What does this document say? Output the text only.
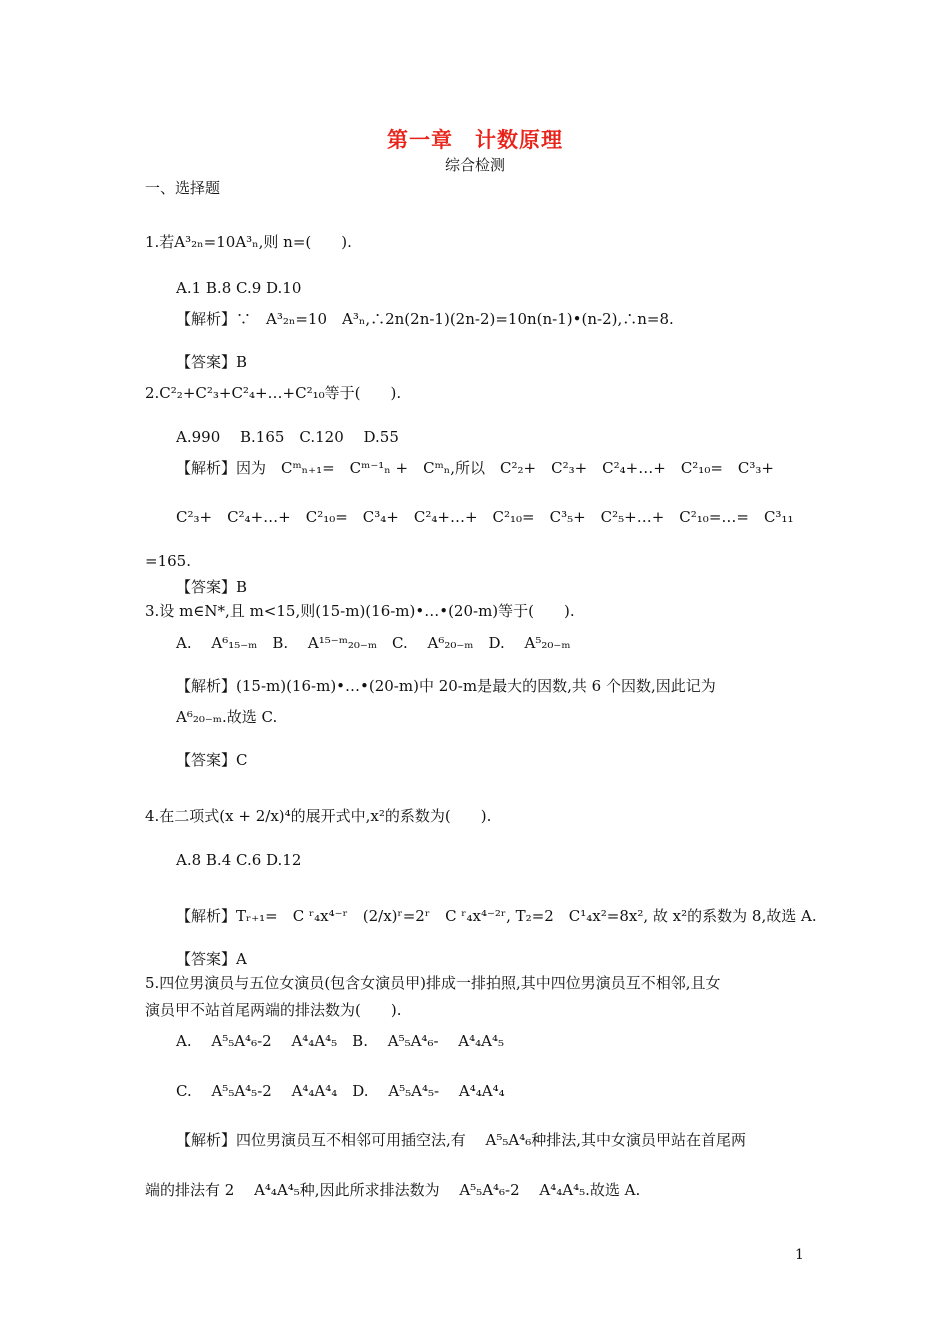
第一章　计数原理
综合检测
一、选择题
1.若A³₂ₙ=10A³ₙ,则 n=(　　).
A.1 B.8 C.9 D.10
【解析】∵　A³₂ₙ=10　A³ₙ,∴2n(2n-1)(2n-2)=10n(n-1)•(n-2),∴n=8.
【答案】B
2.C²₂+C²₃+C²₄+…+C²₁₀等于(　　).
A.990　 B.165　C.120　 D.55
【解析】因为　Cᵐₙ₊₁=　Cᵐ⁻¹ₙ +　Cᵐₙ,所以　C²₂+　C²₃+　C²₄+…+　C²₁₀=　C³₃+
C²₃+　C²₄+…+　C²₁₀=　C³₄+　C²₄+…+　C²₁₀=　C³₅+　C²₅+…+　C²₁₀=…=　C³₁₁
=165.
【答案】B
3.设 m∈N*,且 m<15,则(15-m)(16-m)•…•(20-m)等于(　　).
A.　 A⁶₁₅₋ₘ　B.　 A¹⁵⁻ᵐ₂₀₋ₘ　C.　 A⁶₂₀₋ₘ　D.　 A⁵₂₀₋ₘ
【解析】(15-m)(16-m)•…•(20-m)中 20-m是最大的因数,共 6 个因数,因此记为
A⁶₂₀₋ₘ.故选 C.
【答案】C
4.在二项式(x + 2/x)⁴的展开式中,x²的系数为(　　).
A.8 B.4 C.6 D.12
【解析】Tᵣ₊₁=　C ʳ₄x⁴⁻ʳ　(2/x)ʳ=2ʳ　C ʳ₄x⁴⁻²ʳ, T₂=2　C¹₄x²=8x², 故 x²的系数为 8,故选 A.
【答案】A
5.四位男演员与五位女演员(包含女演员甲)排成一排拍照,其中四位男演员互不相邻,且女
演员甲不站首尾两端的排法数为(　　).
A.　 A⁵₅A⁴₆-2　 A⁴₄A⁴₅　B.　 A⁵₅A⁴₆-　 A⁴₄A⁴₅
C.　 A⁵₅A⁴₅-2　 A⁴₄A⁴₄　D.　 A⁵₅A⁴₅-　 A⁴₄A⁴₄
【解析】四位男演员互不相邻可用插空法,有　 A⁵₅A⁴₆种排法,其中女演员甲站在首尾两
端的排法有 2　 A⁴₄A⁴₅种,因此所求排法数为　 A⁵₅A⁴₆-2　 A⁴₄A⁴₅.故选 A.
1
